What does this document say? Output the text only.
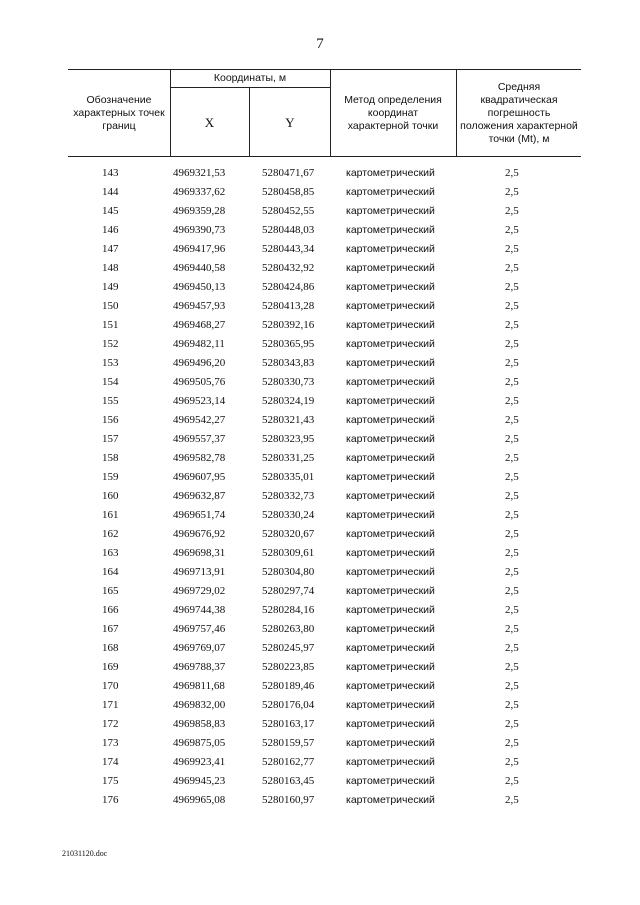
7
Обозначение характерных точек границ
Координаты, м
X	Y
Метод определения координат характерной точки
Средняя квадратическая погрешность положения характерной точки (Mt), м
143	4969321,53	5280471,67	картометрический	2,5
144	4969337,62	5280458,85	картометрический	2,5
145	4969359,28	5280452,55	картометрический	2,5
146	4969390,73	5280448,03	картометрический	2,5
147	4969417,96	5280443,34	картометрический	2,5
148	4969440,58	5280432,92	картометрический	2,5
149	4969450,13	5280424,86	картометрический	2,5
150	4969457,93	5280413,28	картометрический	2,5
151	4969468,27	5280392,16	картометрический	2,5
152	4969482,11	5280365,95	картометрический	2,5
153	4969496,20	5280343,83	картометрический	2,5
154	4969505,76	5280330,73	картометрический	2,5
155	4969523,14	5280324,19	картометрический	2,5
156	4969542,27	5280321,43	картометрический	2,5
157	4969557,37	5280323,95	картометрический	2,5
158	4969582,78	5280331,25	картометрический	2,5
159	4969607,95	5280335,01	картометрический	2,5
160	4969632,87	5280332,73	картометрический	2,5
161	4969651,74	5280330,24	картометрический	2,5
162	4969676,92	5280320,67	картометрический	2,5
163	4969698,31	5280309,61	картометрический	2,5
164	4969713,91	5280304,80	картометрический	2,5
165	4969729,02	5280297,74	картометрический	2,5
166	4969744,38	5280284,16	картометрический	2,5
167	4969757,46	5280263,80	картометрический	2,5
168	4969769,07	5280245,97	картометрический	2,5
169	4969788,37	5280223,85	картометрический	2,5
170	4969811,68	5280189,46	картометрический	2,5
171	4969832,00	5280176,04	картометрический	2,5
172	4969858,83	5280163,17	картометрический	2,5
173	4969875,05	5280159,57	картометрический	2,5
174	4969923,41	5280162,77	картометрический	2,5
175	4969945,23	5280163,45	картометрический	2,5
176	4969965,08	5280160,97	картометрический	2,5
21031120.doc
